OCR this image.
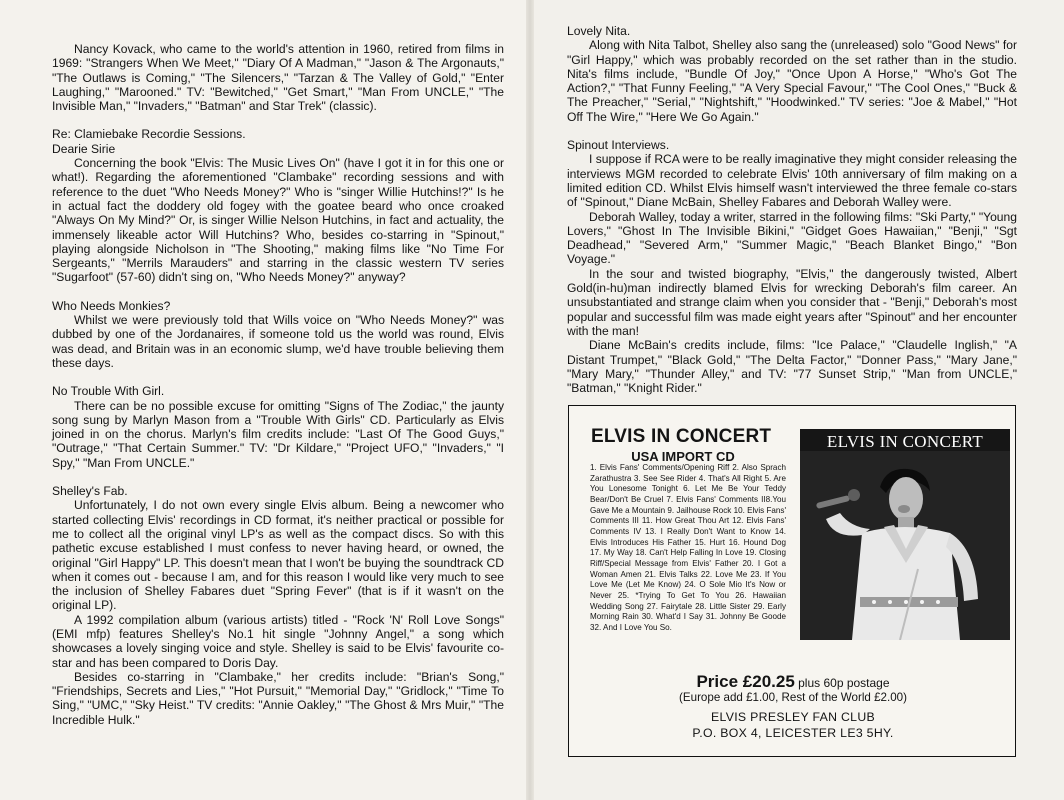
Nancy Kovack, who came to the world's attention in 1960, retired from films in 1969: "Strangers When We Meet," "Diary Of A Madman," "Jason & The Argonauts," "The Outlaws is Coming," "The Silencers," "Tarzan & The Valley of Gold," "Enter Laughing," "Marooned." TV: "Bewitched," "Get Smart," "Man From UNCLE," "The Invisible Man," "Invaders," "Batman" and Star Trek" (classic).

Re: Clamiebake Recordie Sessions.

Dearie Sirie

Concerning the book "Elvis: The Music Lives On" (have I got it in for this one or what!). Regarding the aforementioned "Clambake" recording sessions and with reference to the duet "Who Needs Money?" Who is "singer Willie Hutchins!?" Is he in actual fact the doddery old fogey with the goatee beard who once croaked "Always On My Mind?" Or, is singer Willie Nelson Hutchins, in fact and actuality, the immensely likeable actor Will Hutchins? Who, besides co-starring in "Spinout," playing alongside Nicholson in "The Shooting," making films like "No Time For Sergeants," "Merrils Marauders" and starring in the classic western TV series "Sugarfoot" (57-60) didn't sing on, "Who Needs Money?" anyway?

Who Needs Monkies?

Whilst we were previously told that Wills voice on "Who Needs Money?" was dubbed by one of the Jordanaires, if someone told us the world was round, Elvis was dead, and Britain was in an economic slump, we'd have trouble believing them these days.

No Trouble With Girl.

There can be no possible excuse for omitting "Signs of The Zodiac," the jaunty song sung by Marlyn Mason from a "Trouble With Girls" CD. Particularly as Elvis joined in on the chorus. Marlyn's film credits include: "Last Of The Good Guys," "Outrage," "That Certain Summer." TV: "Dr Kildare," "Project UFO," "Invaders," "I Spy," "Man From UNCLE."

Shelley's Fab.

Unfortunately, I do not own every single Elvis album. Being a newcomer who started collecting Elvis' recordings in CD format, it's neither practical or possible for me to collect all the original vinyl LP's as well as the compact discs. So with this pathetic excuse established I must confess to never having heard, or owned, the original "Girl Happy" LP. This doesn't mean that I won't be buying the soundtrack CD when it comes out - because I am, and for this reason I would like very much to see the inclusion of Shelley Fabares duet "Spring Fever" (that is if it wasn't on the original LP).

A 1992 compilation album (various artists) titled - "Rock 'N' Roll Love Songs" (EMI mfp) features Shelley's No.1 hit single "Johnny Angel," a song which showcases a lovely singing voice and style. Shelley is said to be Elvis' favourite co-star and has been compared to Doris Day.

Besides co-starring in "Clambake," her credits include: "Brian's Song," "Friendships, Secrets and Lies," "Hot Pursuit," "Memorial Day," "Gridlock," "Time To Sing," "UMC," "Sky Heist." TV credits: "Annie Oakley," "The Ghost & Mrs Muir," "The Incredible Hulk."

Lovely Nita.

Along with Nita Talbot, Shelley also sang the (unreleased) solo "Good News" for "Girl Happy," which was probably recorded on the set rather than in the studio. Nita's films include, "Bundle Of Joy," "Once Upon A Horse," "Who's Got The Action?," "That Funny Feeling," "A Very Special Favour," "The Cool Ones," "Buck & The Preacher," "Serial," "Nightshift," "Hoodwinked." TV series: "Joe & Mabel," "Hot Off The Wire," "Here We Go Again."

Spinout Interviews.

I suppose if RCA were to be really imaginative they might consider releasing the interviews MGM recorded to celebrate Elvis' 10th anniversary of film making on a limited edition CD. Whilst Elvis himself wasn't interviewed the three female co-stars of "Spinout," Diane McBain, Shelley Fabares and Deborah Walley were.

Deborah Walley, today a writer, starred in the following films: "Ski Party," "Young Lovers," "Ghost In The Invisible Bikini," "Gidget Goes Hawaiian," "Benji," "Sgt Deadhead," "Severed Arm," "Summer Magic," "Beach Blanket Bingo," "Bon Voyage."

In the sour and twisted biography, "Elvis," the dangerously twisted, Albert Gold(in-hu)man indirectly blamed Elvis for wrecking Deborah's film career. An unsubstantiated and strange claim when you consider that - "Benji," Deborah's most popular and successful film was made eight years after "Spinout" and her encounter with the man!

Diane McBain's credits include, films: "Ice Palace," "Claudelle Inglish," "A Distant Trumpet," "Black Gold," "The Delta Factor," "Donner Pass," "Mary Jane," "Mary Mary," "Thunder Alley," and TV: "77 Sunset Strip," "Man from UNCLE," "Batman," "Knight Rider."

ELVIS IN CONCERT
USA IMPORT CD
1. Elvis Fans' Comments/Opening Riff 2. Also Sprach Zarathustra 3. See See Rider 4. That's All Right 5. Are You Lonesome Tonight 6. Let Me Be Your Teddy Bear/Don't Be Cruel 7. Elvis Fans' Comments II8.You Gave Me a Mountain 9. Jailhouse Rock 10. Elvis Fans' Comments III 11. How Great Thou Art 12. Elvis Fans' Comments IV 13. I Really Don't Want to Know 14. Elvis Introduces His Father 15. Hurt 16. Hound Dog 17. My Way 18. Can't Help Falling In Love 19. Closing Riff/Special Message from Elvis' Father 20. I Got a Woman Amen 21. Elvis Talks 22. Love Me 23. If You Love Me (Let Me Know) 24. O Sole Mio It's Now or Never 25. *Trying To Get To You 26. Hawaiian Wedding Song 27. Fairytale 28. Little Sister 29. Early Morning Rain 30. What'd I Say 31. Johnny Be Goode 32. And I Love You So.
ELVIS IN CONCERT
Price £20.25 plus 60p postage
(Europe add £1.00, Rest of the World £2.00)
ELVIS PRESLEY FAN CLUB
P.O. BOX 4, LEICESTER LE3 5HY.
